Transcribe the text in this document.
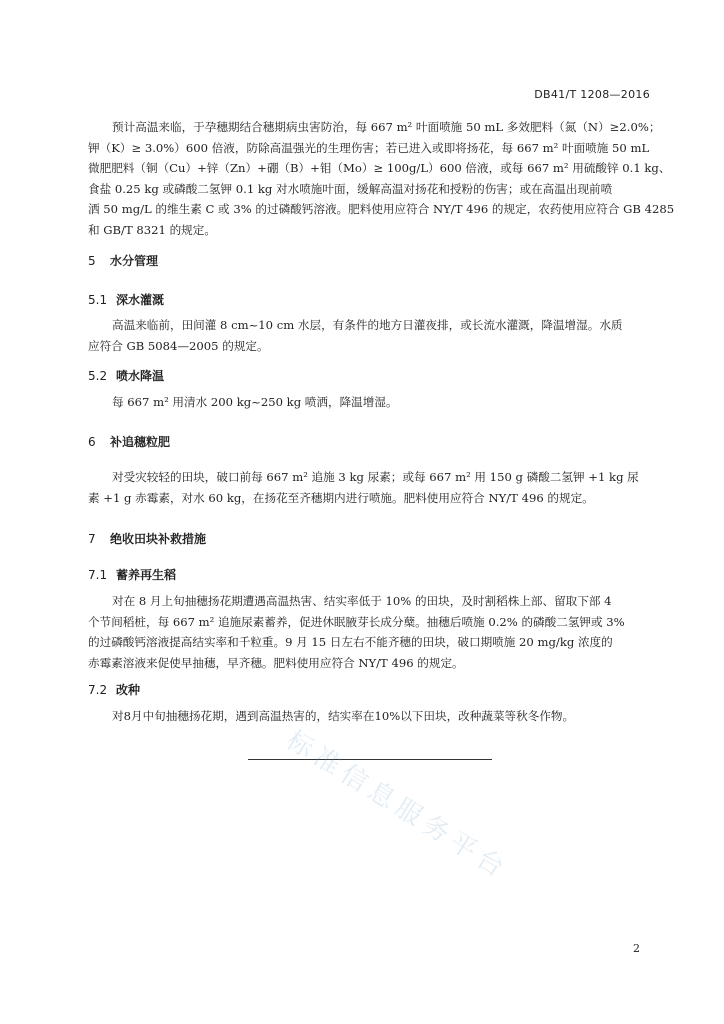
DB41/T 1208—2016
预计高温来临，于孕穗期结合穗期病虫害防治，每 667 m² 叶面喷施 50 mL 多效肥料（氮（N）≥2.0%；
钾（K）≥ 3.0%）600 倍液，防除高温强光的生理伤害；若已进入或即将扬花，每 667 m² 叶面喷施 50 mL
微肥肥料（铜（Cu）+锌（Zn）+硼（B）+钼（Mo）≥ 100g/L）600 倍液，或每 667 m² 用硫酸锌 0.1 kg、
食盐 0.25 kg 或磷酸二氢钾 0.1 kg 对水喷施叶面，缓解高温对扬花和授粉的伤害；或在高温出现前喷
洒 50 mg/L 的维生素 C 或 3% 的过磷酸钙溶液。肥料使用应符合 NY/T 496 的规定，农药使用应符合 GB 4285
和 GB/T 8321 的规定。
5 水分管理
5.1 深水灌溉
高温来临前，田间灌 8 cm~10 cm 水层，有条件的地方日灌夜排，或长流水灌溉，降温增湿。水质
应符合 GB 5084—2005 的规定。
5.2 喷水降温
每 667 m² 用清水 200 kg~250 kg 喷洒，降温增湿。
6 补追穗粒肥
对受灾较轻的田块，破口前每 667 m² 追施 3 kg 尿素；或每 667 m² 用 150 g 磷酸二氢钾 +1 kg 尿
素 +1 g 赤霉素，对水 60 kg，在扬花至齐穗期内进行喷施。肥料使用应符合 NY/T 496 的规定。
7 绝收田块补救措施
7.1 蓄养再生稻
对在 8 月上旬抽穗扬花期遭遇高温热害、结实率低于 10% 的田块，及时割稻株上部、留取下部 4
个节间稻桩，每 667 m² 追施尿素蓄养，促进休眠腋芽长成分蘖。抽穗后喷施 0.2% 的磷酸二氢钾或 3%
的过磷酸钙溶液提高结实率和千粒重。9 月 15 日左右不能齐穗的田块，破口期喷施 20 mg/kg 浓度的
赤霉素溶液来促使早抽穗，早齐穗。肥料使用应符合 NY/T 496 的规定。
7.2 改种
对8月中旬抽穗扬花期，遇到高温热害的，结实率在10%以下田块，改种蔬菜等秋冬作物。
标准信息服务平台
2
